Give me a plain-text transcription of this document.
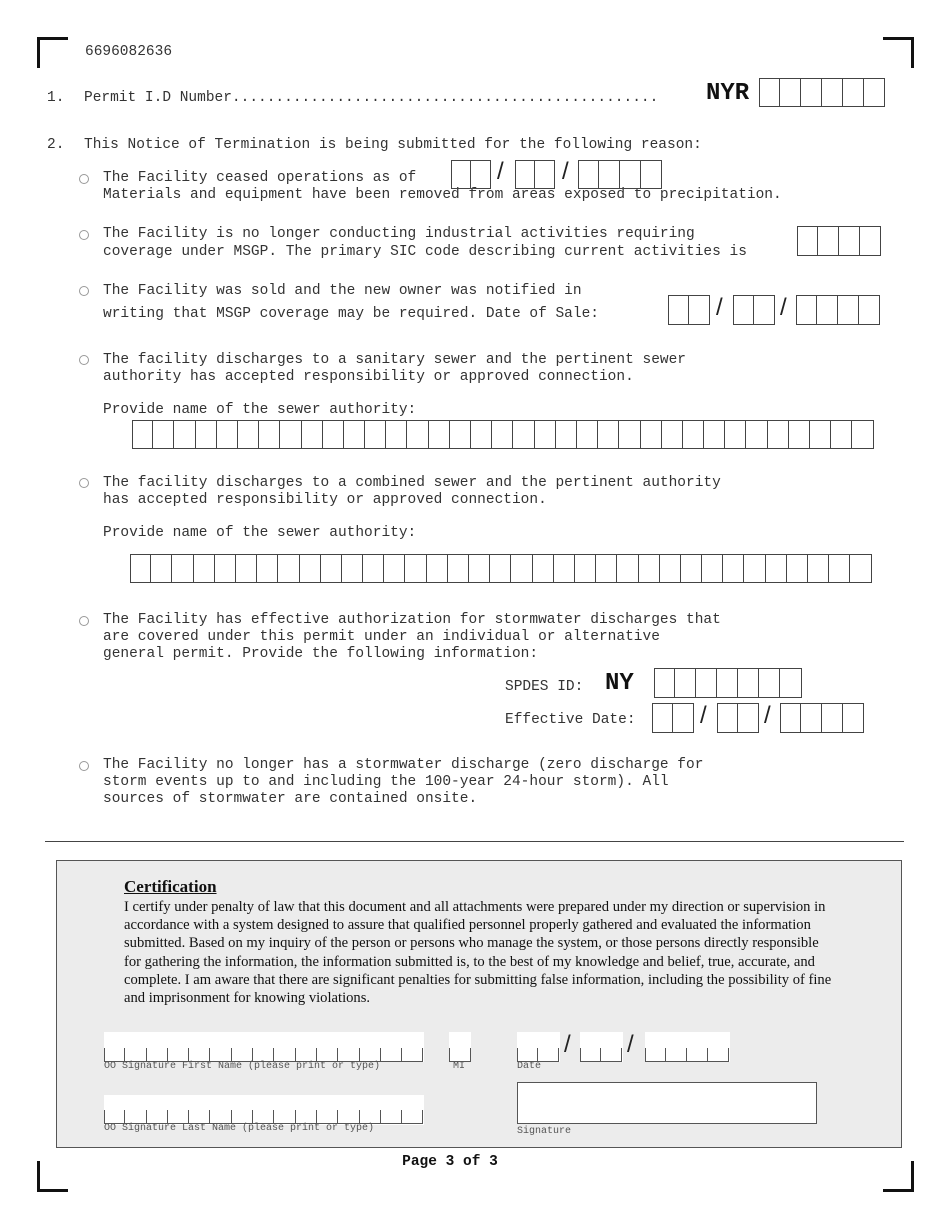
6696082636
1. Permit I.D Number................................................. NYR
2. This Notice of Termination is being submitted for the following reason:
The Facility ceased operations as of
Materials and equipment have been removed from areas exposed to precipitation.
/ /
The Facility is no longer conducting industrial activities requiring
coverage under MSGP. The primary SIC code describing current activities is
The Facility was sold and the new owner was notified in
writing that MSGP coverage may be required. Date of Sale:	/ /
The facility discharges to a sanitary sewer and the pertinent sewer
authority has accepted responsibility or approved connection.
Provide name of the sewer authority:
The facility discharges to a combined sewer and the pertinent authority
has accepted responsibility or approved connection.
Provide name of the sewer authority:
The Facility has effective authorization for stormwater discharges that
are covered under this permit under an individual or alternative
general permit. Provide the following information:
SPDES ID: NY
Effective Date:	/ /
The Facility no longer has a stormwater discharge (zero discharge for
storm events up to and including the 100-year 24-hour storm). All
sources of stormwater are contained onsite.
Certification
I certify under penalty of law that this document and all attachments were prepared under my direction or supervision in accordance with a system designed to assure that qualified personnel properly gathered and evaluated the information submitted. Based on my inquiry of the person or persons who manage the system, or those persons directly responsible for gathering the information, the information submitted is, to the best of my knowledge and belief, true, accurate, and complete. I am aware that there are significant penalties for submitting false information, including the possibility of fine and imprisonment for knowing violations.
OO Signature First Name (please print or type)	MI
/ /
Date
OO Signature Last Name (please print or type)	Signature
Page 3 of 3
